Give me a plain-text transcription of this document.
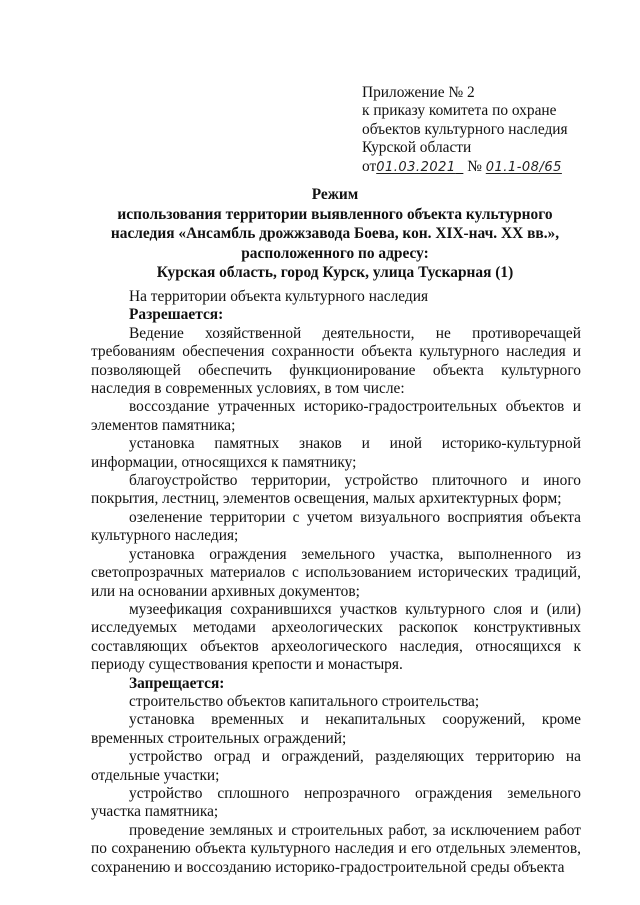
Приложение № 2
к приказу комитета по охране
объектов культурного наследия
Курской области
от01.03.2021 № 01.1-08/65
Режим
использования территории выявленного объекта культурного
наследия «Ансамбль дрожжзавода Боева, кон. XIX-нач. XX вв.»,
расположенного по адресу:
Курская область, город Курск, улица Тускарная (1)

На территории объекта культурного наследия

Разрешается:

Ведение хозяйственной деятельности, не противоречащей требованиям обеспечения сохранности объекта культурного наследия и позволяющей обеспечить функционирование объекта культурного наследия в современных условиях, в том числе:

воссоздание утраченных историко-градостроительных объектов и элементов памятника;

установка памятных знаков и иной историко-культурной информации, относящихся к памятнику;

благоустройство территории, устройство плиточного и иного покрытия, лестниц, элементов освещения, малых архитектурных форм;

озеленение территории с учетом визуального восприятия объекта культурного наследия;

установка ограждения земельного участка, выполненного из светопрозрачных материалов с использованием исторических традиций, или на основании архивных документов;

музеефикация сохранившихся участков культурного слоя и (или) исследуемых методами археологических раскопок конструктивных составляющих объектов археологического наследия, относящихся к периоду существования крепости и монастыря.

Запрещается:

строительство объектов капитального строительства;

установка временных и некапитальных сооружений, кроме временных строительных ограждений;

устройство оград и ограждений, разделяющих территорию на отдельные участки;

устройство сплошного непрозрачного ограждения земельного участка памятника;

проведение земляных и строительных работ, за исключением работ по сохранению объекта культурного наследия и его отдельных элементов, сохранению и воссозданию историко-градостроительной среды объекта
